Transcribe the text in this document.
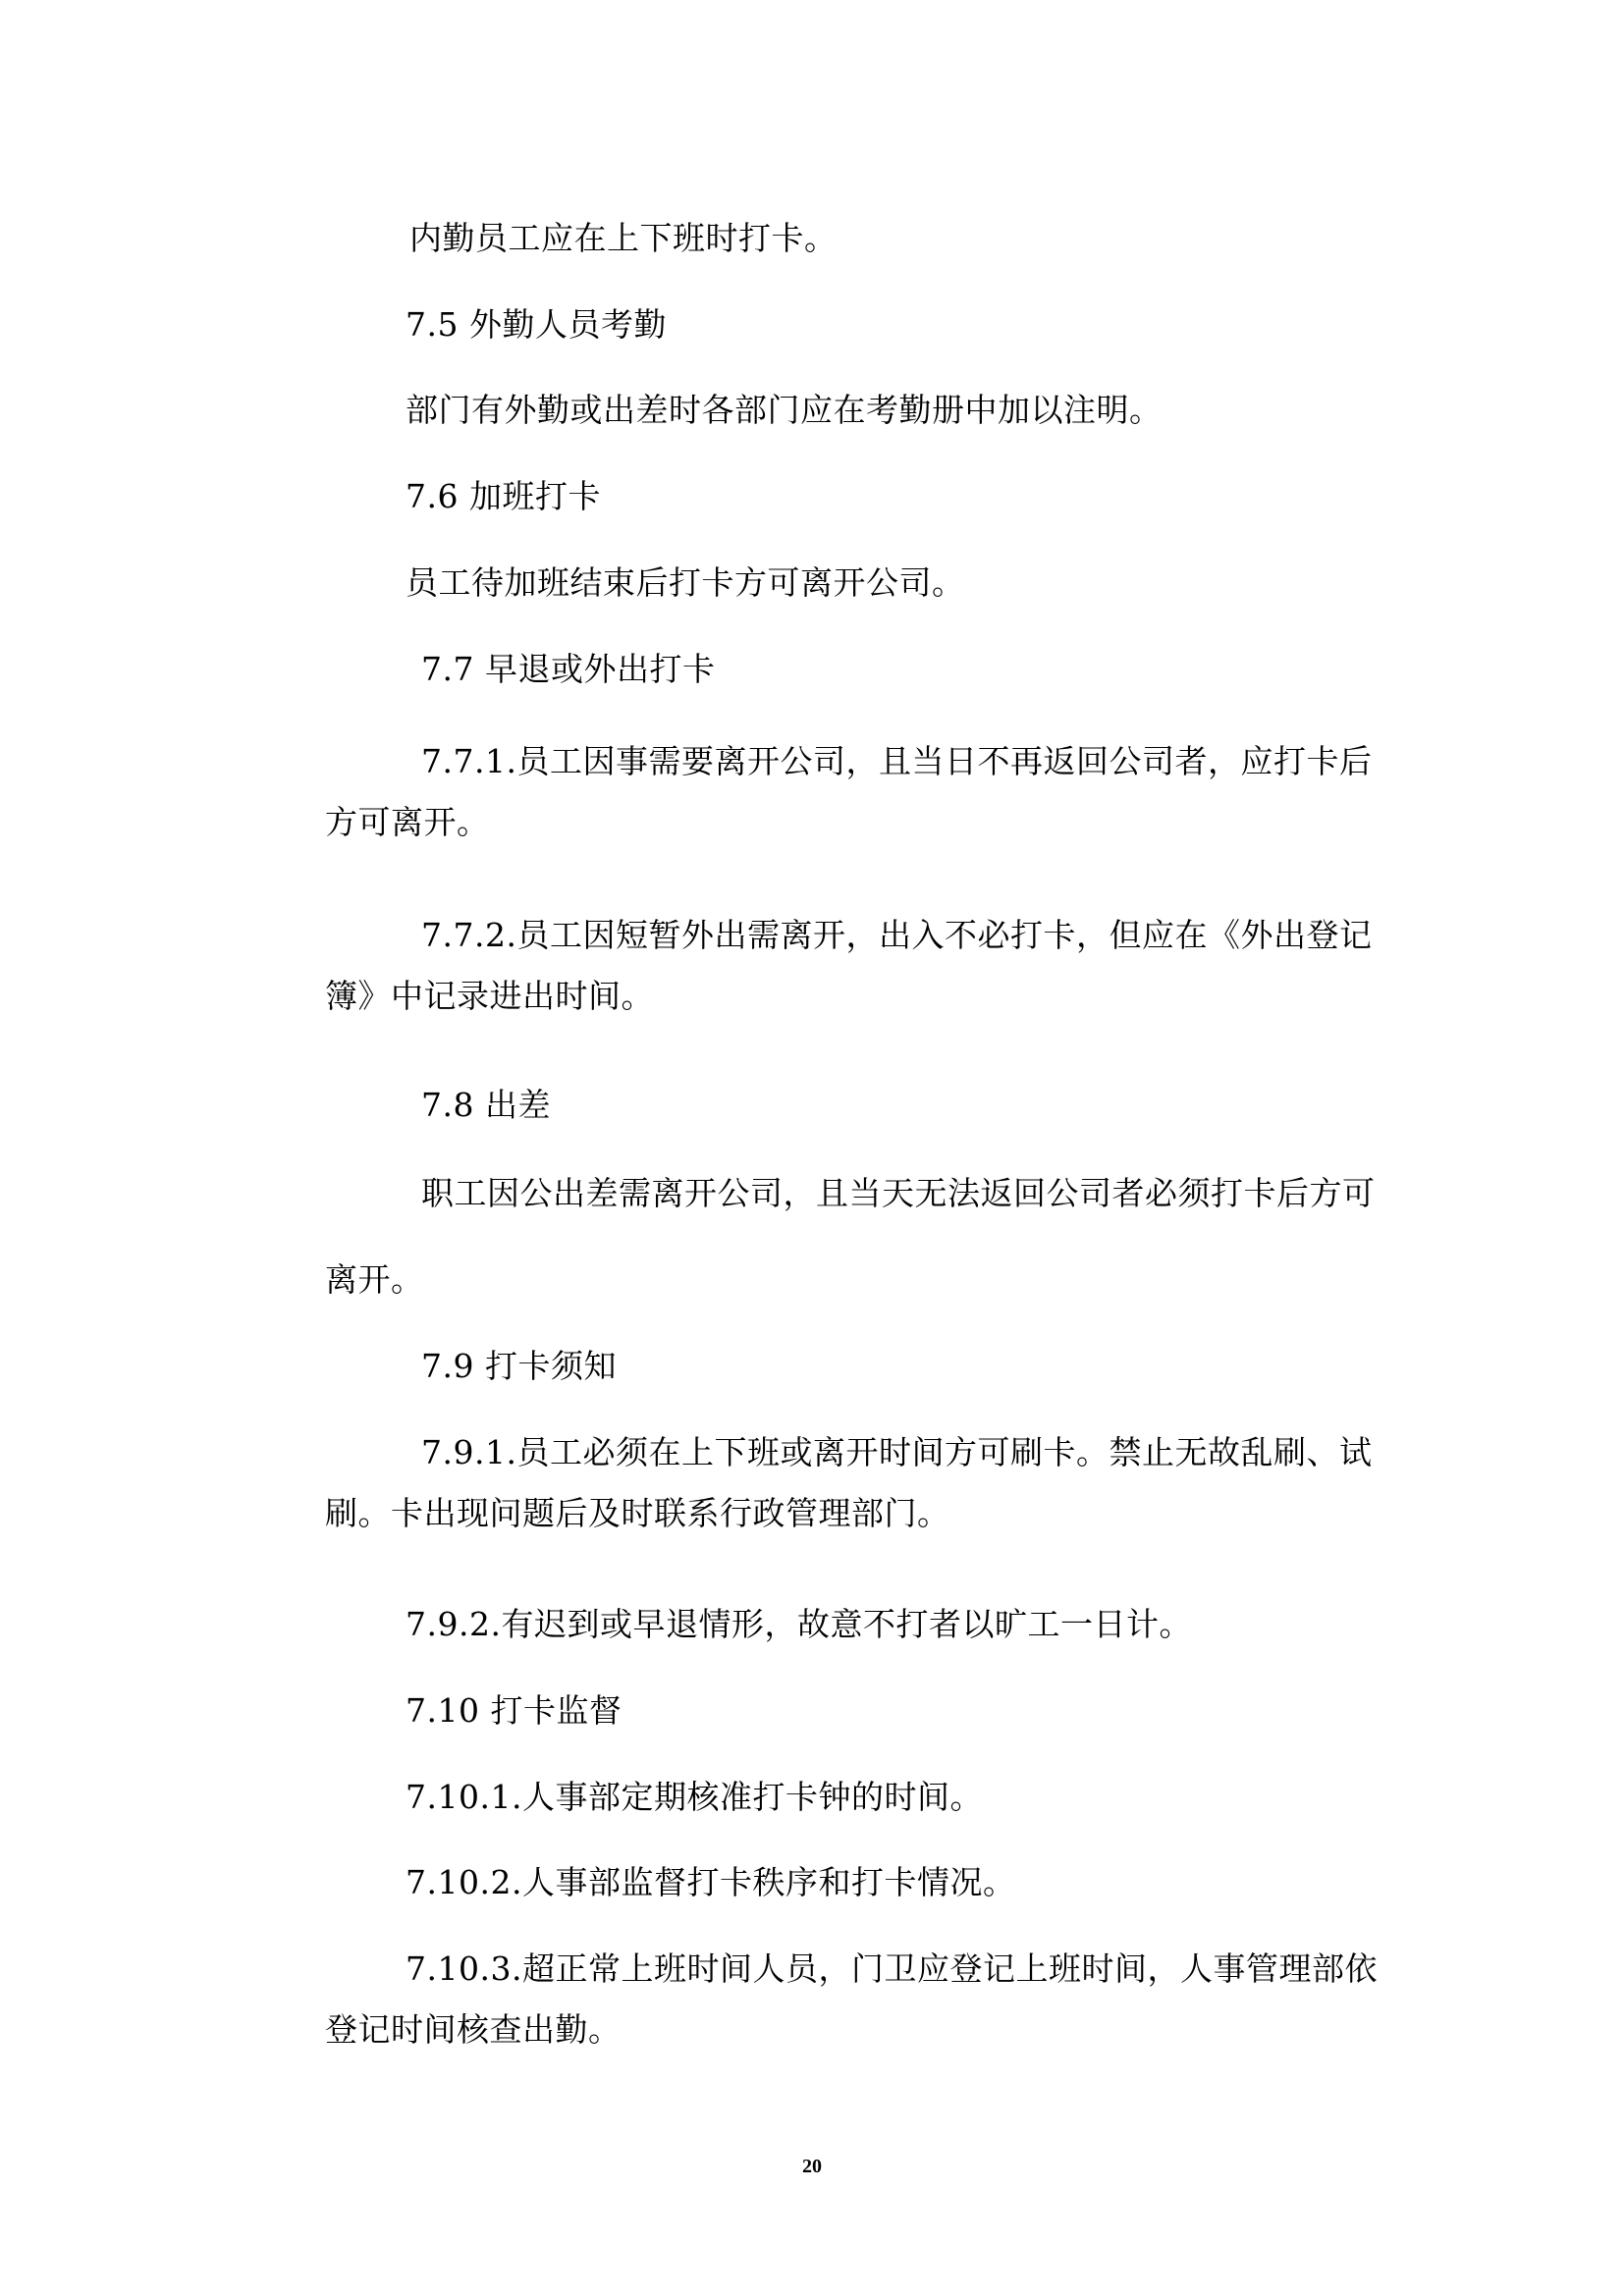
内勤员工应在上下班时打卡。
7.5 外勤人员考勤
部门有外勤或出差时各部门应在考勤册中加以注明。
7.6 加班打卡
员工待加班结束后打卡方可离开公司。
7.7 早退或外出打卡
7.7.1.员工因事需要离开公司，且当日不再返回公司者，应打卡后
方可离开。
7.7.2.员工因短暂外出需离开，出入不必打卡，但应在《外出登记
簿》中记录进出时间。
7.8 出差
职工因公出差需离开公司，且当天无法返回公司者必须打卡后方可
离开。
7.9 打卡须知
7.9.1.员工必须在上下班或离开时间方可刷卡。禁止无故乱刷、试
刷。卡出现问题后及时联系行政管理部门。
7.9.2.有迟到或早退情形，故意不打者以旷工一日计。
7.10 打卡监督
7.10.1.人事部定期核准打卡钟的时间。
7.10.2.人事部监督打卡秩序和打卡情况。
7.10.3.超正常上班时间人员，门卫应登记上班时间，人事管理部依
登记时间核查出勤。
20
